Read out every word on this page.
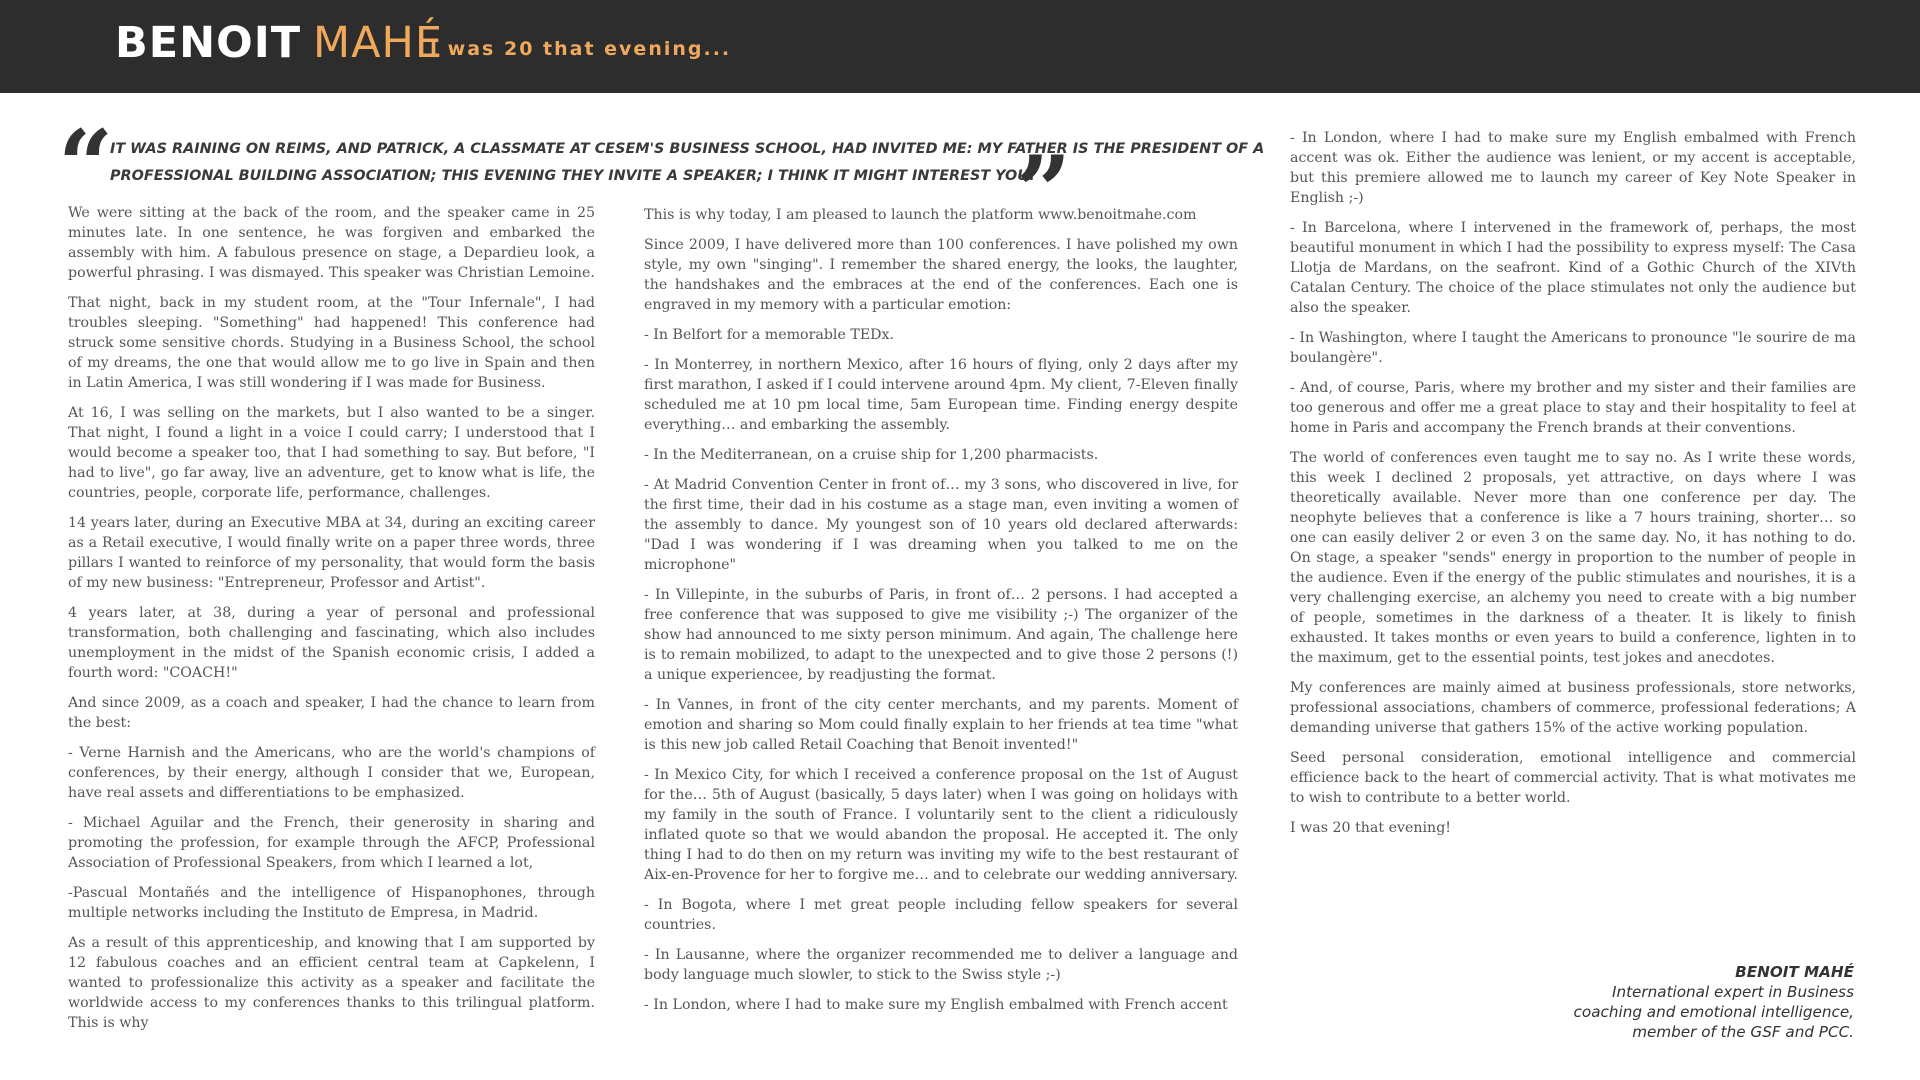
BENOIT MAHÉ
I was 20 that evening...
“
IT WAS RAINING ON REIMS, AND PATRICK, A CLASSMATE AT CESEM'S BUSINESS SCHOOL, HAD INVITED ME: MY FATHER IS THE PRESIDENT OF A PROFESSIONAL BUILDING ASSOCIATION; THIS EVENING THEY INVITE A SPEAKER; I THINK IT MIGHT INTEREST YOU!
”

We were sitting at the back of the room, and the speaker came in 25 minutes late. In one sentence, he was forgiven and embarked the assembly with him. A fabulous presence on stage, a Depardieu look, a powerful phrasing. I was dismayed. This speaker was Christian Lemoine.

That night, back in my student room, at the "Tour Infernale", I had troubles sleeping. "Something" had happened! This conference had struck some sensitive chords. Studying in a Business School, the school of my dreams, the one that would allow me to go live in Spain and then in Latin America, I was still wondering if I was made for Business.

At 16, I was selling on the markets, but I also wanted to be a singer. That night, I found a light in a voice I could carry; I understood that I would become a speaker too, that I had something to say. But before, "I had to live", go far away, live an adventure, get to know what is life, the countries, people, corporate life, performance, challenges.

14 years later, during an Executive MBA at 34, during an exciting career as a Retail executive, I would finally write on a paper three words, three pillars I wanted to reinforce of my personality, that would form the basis of my new business: "Entrepreneur, Professor and Artist".

4 years later, at 38, during a year of personal and professional transformation, both challenging and fascinating, which also includes unemployment in the midst of the Spanish economic crisis, I added a fourth word: "COACH!"

And since 2009, as a coach and speaker, I had the chance to learn from the best:

- Verne Harnish and the Americans, who are the world's champions of conferences, by their energy, although I consider that we, European, have real assets and differentiations to be emphasized.

- Michael Aguilar and the French, their generosity in sharing and promoting the profession, for example through the AFCP, Professional Association of Professional Speakers, from which I learned a lot,

-Pascual Montañés and the intelligence of Hispanophones, through multiple networks including the Instituto de Empresa, in Madrid.

As a result of this apprenticeship, and knowing that I am supported by 12 fabulous coaches and an efficient central team at Capkelenn, I wanted to professionalize this activity as a speaker and facilitate the worldwide access to my conferences thanks to this trilingual platform. This is why

This is why today, I am pleased to launch the platform www.benoitmahe.com

Since 2009, I have delivered more than 100 conferences. I have polished my own style, my own "singing". I remember the shared energy, the looks, the laughter, the handshakes and the embraces at the end of the conferences. Each one is engraved in my memory with a particular emotion:

- In Belfort for a memorable TEDx.

- In Monterrey, in northern Mexico, after 16 hours of flying, only 2 days after my first marathon, I asked if I could intervene around 4pm. My client, 7-Eleven finally scheduled me at 10 pm local time, 5am European time. Finding energy despite everything… and embarking the assembly.

- In the Mediterranean, on a cruise ship for 1,200 pharmacists.

- At Madrid Convention Center in front of… my 3 sons, who discovered in live, for the first time, their dad in his costume as a stage man, even inviting a women of the assembly to dance. My youngest son of 10 years old declared afterwards: "Dad I was wondering if I was dreaming when you talked to me on the microphone"

- In Villepinte, in the suburbs of Paris, in front of… 2 persons. I had accepted a free conference that was supposed to give me visibility ;-) The organizer of the show had announced to me sixty person minimum. And again, The challenge here is to remain mobilized, to adapt to the unexpected and to give those 2 persons (!) a unique experiencee, by readjusting the format.

- In Vannes, in front of the city center merchants, and my parents. Moment of emotion and sharing so Mom could finally explain to her friends at tea time "what is this new job called Retail Coaching that Benoit invented!"

- In Mexico City, for which I received a conference proposal on the 1st of August for the… 5th of August (basically, 5 days later) when I was going on holidays with my family in the south of France. I voluntarily sent to the client a ridiculously inflated quote so that we would abandon the proposal. He accepted it. The only thing I had to do then on my return was inviting my wife to the best restaurant of Aix-en-Provence for her to forgive me… and to celebrate our wedding anniversary.

- In Bogota, where I met great people including fellow speakers for several countries.

- In Lausanne, where the organizer recommended me to deliver a language and body language much slowler, to stick to the Swiss style ;-)

- In London, where I had to make sure my English embalmed with French accent

- In London, where I had to make sure my English embalmed with French accent was ok. Either the audience was lenient, or my accent is acceptable, but this premiere allowed me to launch my career of Key Note Speaker in English ;-)

- In Barcelona, where I intervened in the framework of, perhaps, the most beautiful monument in which I had the possibility to express myself: The Casa Llotja de Mardans, on the seafront. Kind of a Gothic Church of the XIVth Catalan Century. The choice of the place stimulates not only the audience but also the speaker.

- In Washington, where I taught the Americans to pronounce "le sourire de ma boulangère".

- And, of course, Paris, where my brother and my sister and their families are too generous and offer me a great place to stay and their hospitality to feel at home in Paris and accompany the French brands at their conventions.

The world of conferences even taught me to say no. As I write these words, this week I declined 2 proposals, yet attractive, on days where I was theoretically available. Never more than one conference per day. The neophyte believes that a conference is like a 7 hours training, shorter… so one can easily deliver 2 or even 3 on the same day. No, it has nothing to do. On stage, a speaker "sends" energy in proportion to the number of people in the audience. Even if the energy of the public stimulates and nourishes, it is a very challenging exercise, an alchemy you need to create with a big number of people, sometimes in the darkness of a theater. It is likely to finish exhausted. It takes months or even years to build a conference, lighten in to the maximum, get to the essential points, test jokes and anecdotes.

My conferences are mainly aimed at business professionals, store networks, professional associations, chambers of commerce, professional federations; A demanding universe that gathers 15% of the active working population.

Seed personal consideration, emotional intelligence and commercial efficience back to the heart of commercial activity. That is what motivates me to wish to contribute to a better world.

I was 20 that evening!

BENOIT MAHÉ
International expert in Business
coaching and emotional intelligence,
member of the GSF and PCC.
